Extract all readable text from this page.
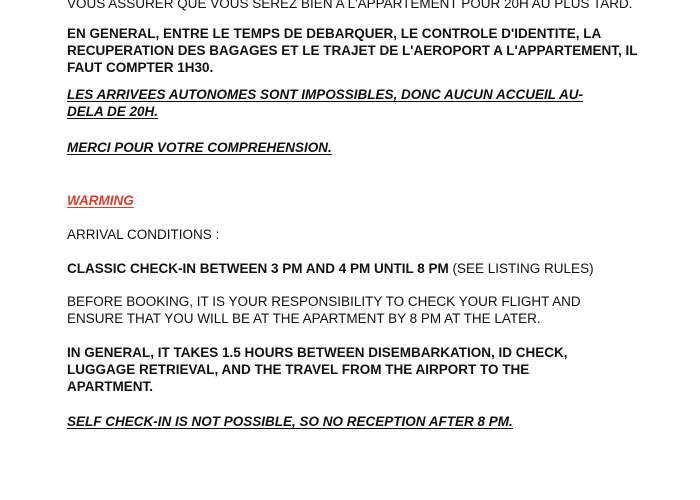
VOUS ASSURER QUE VOUS SEREZ BIEN A L'APPARTEMENT POUR 20H AU PLUS TARD.

EN GENERAL, ENTRE LE TEMPS DE DEBARQUER, LE CONTROLE D'IDENTITE, LA
RECUPERATION DES BAGAGES ET LE TRAJET DE L'AEROPORT A L'APPARTEMENT, IL
FAUT COMPTER 1H30.

LES ARRIVEES AUTONOMES SONT IMPOSSIBLES, DONC AUCUN ACCUEIL AU-
DELA DE 20H.

MERCI POUR VOTRE COMPREHENSION.

WARMING

ARRIVAL CONDITIONS :

CLASSIC CHECK-IN BETWEEN 3 PM AND 4 PM UNTIL 8 PM (SEE LISTING RULES)

BEFORE BOOKING, IT IS YOUR RESPONSIBILITY TO CHECK YOUR FLIGHT AND
ENSURE THAT YOU WILL BE AT THE APARTMENT BY 8 PM AT THE LATER.

IN GENERAL, IT TAKES 1.5 HOURS BETWEEN DISEMBARKATION, ID CHECK,
LUGGAGE RETRIEVAL, AND THE TRAVEL FROM THE AIRPORT TO THE
APARTMENT.

SELF CHECK-IN IS NOT POSSIBLE, SO NO RECEPTION AFTER 8 PM.
